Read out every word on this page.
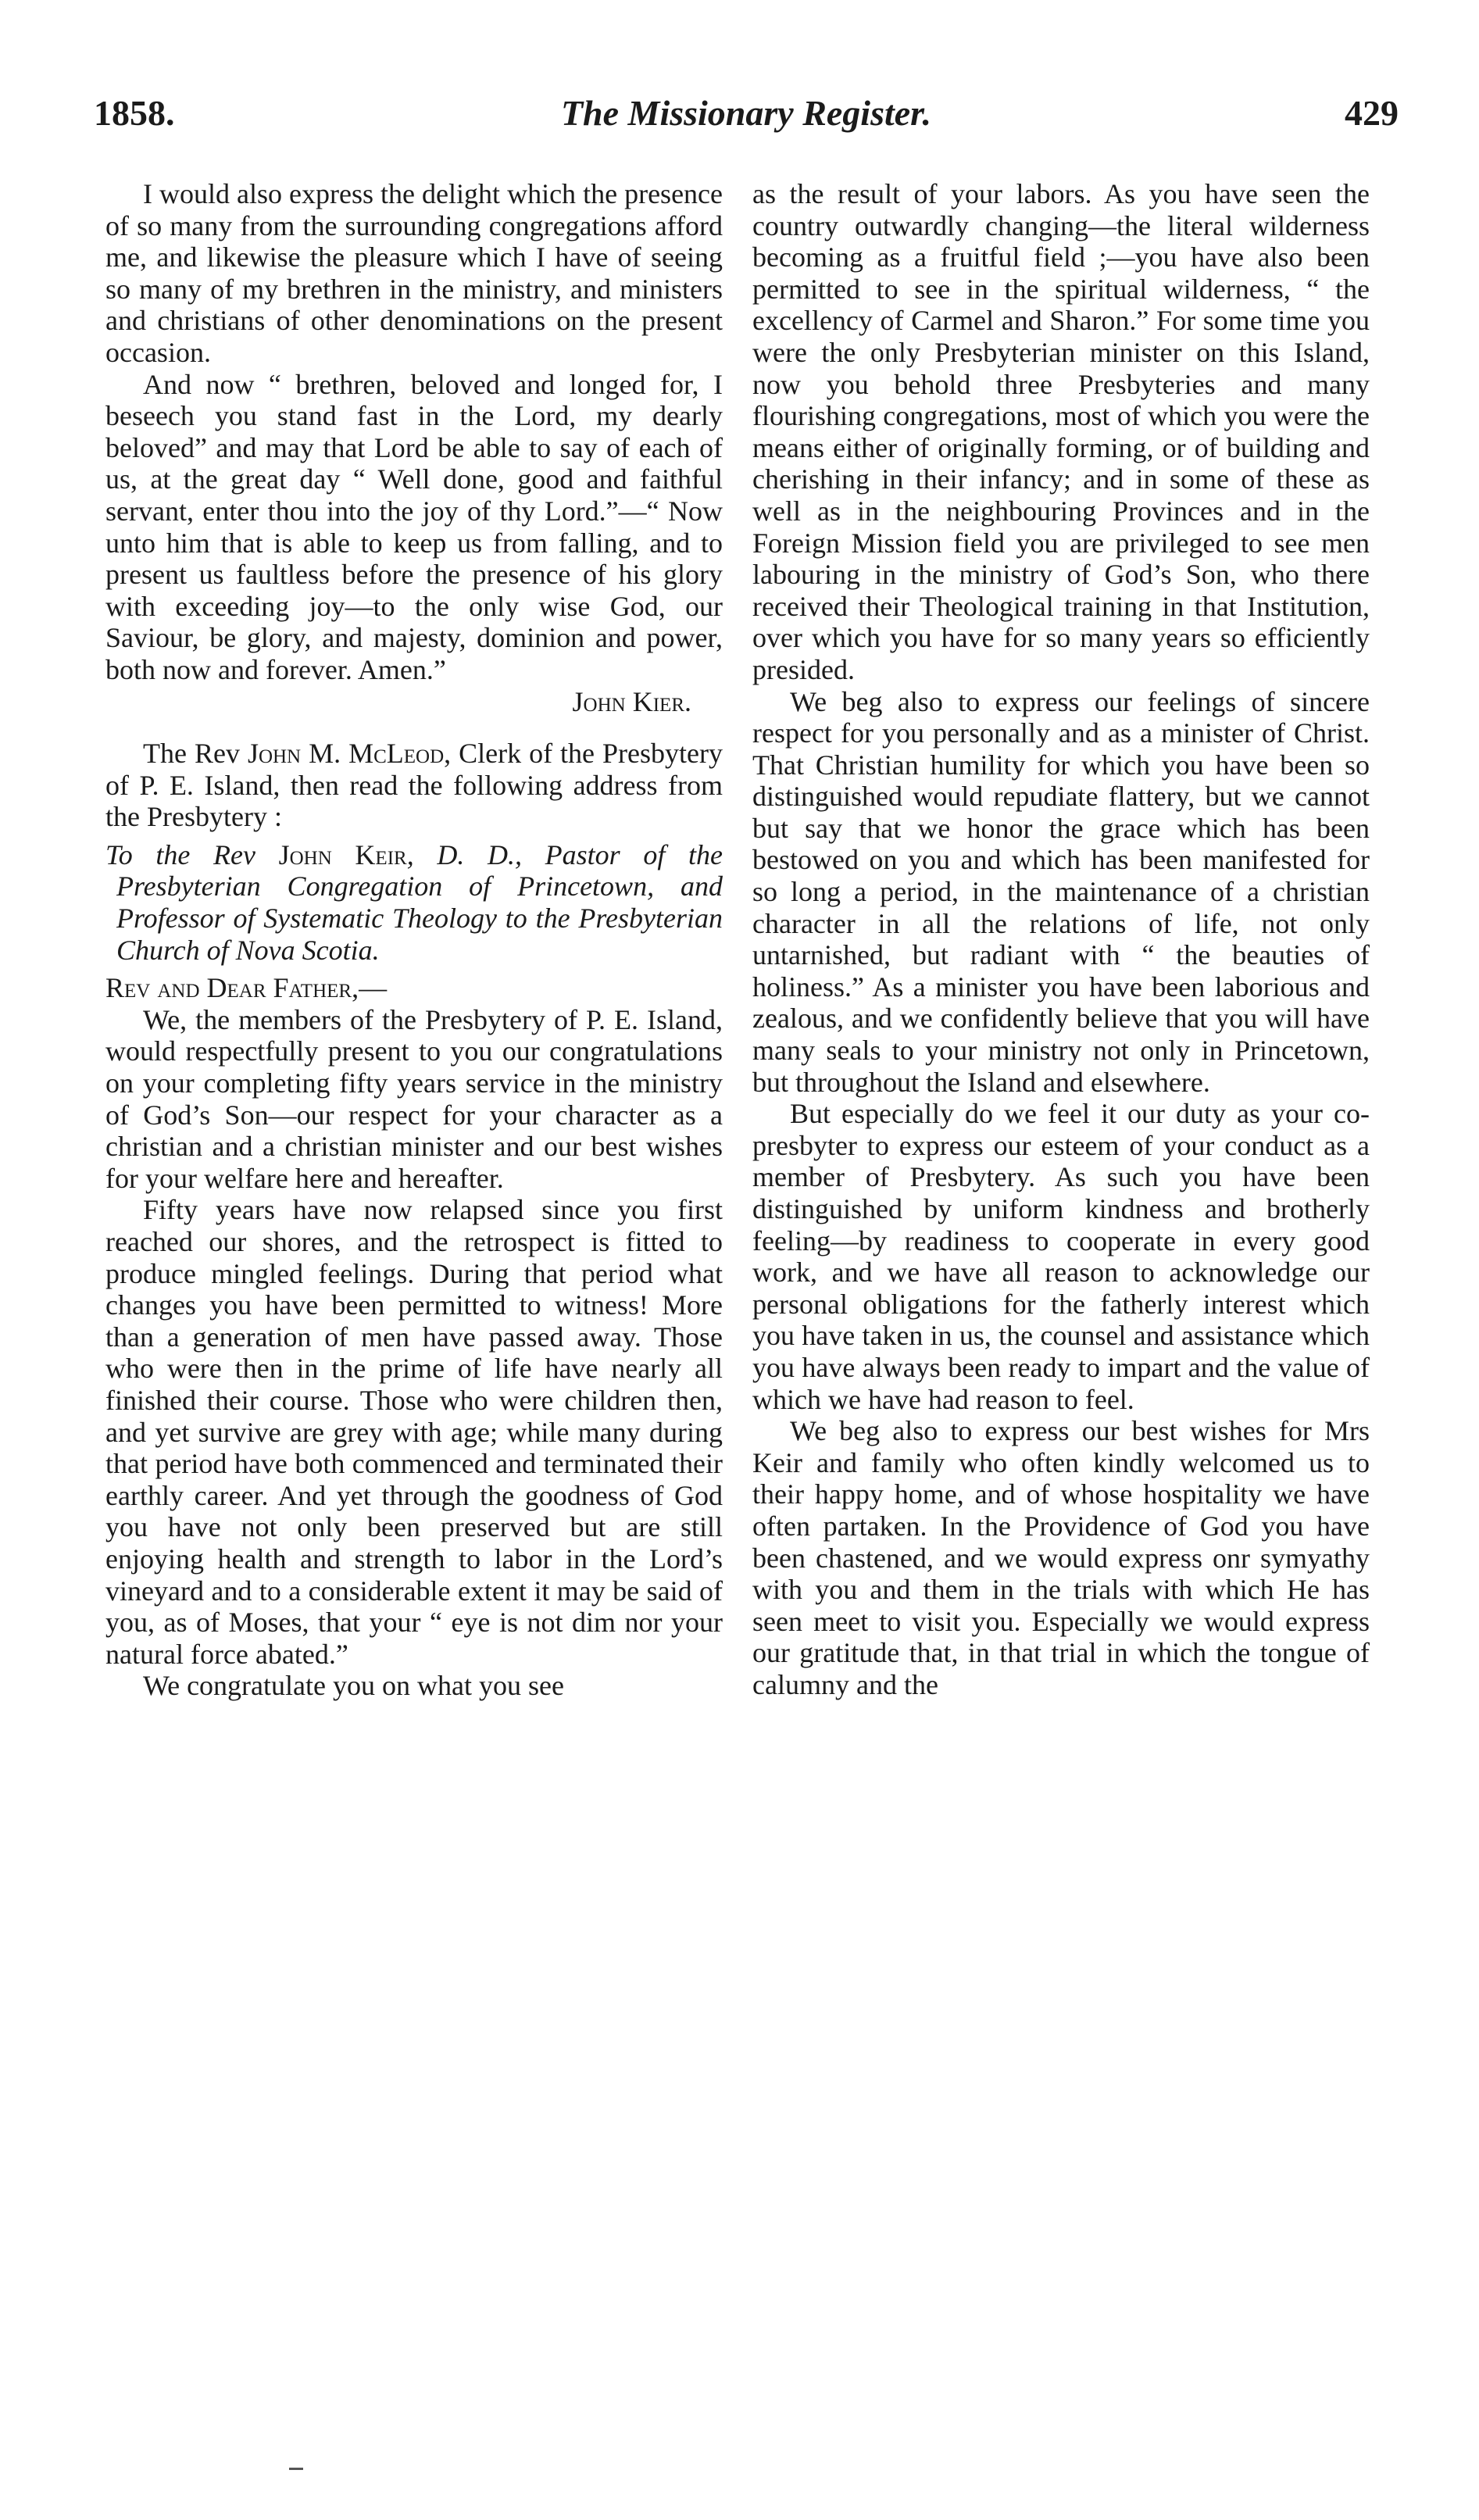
1858.	The Missionary Register.	429

I would also express the delight which the presence of so many from the surrounding congregations afford me, and likewise the pleasure which I have of seeing so many of my brethren in the ministry, and ministers and christians of other denominations on the present occasion.

And now “ brethren, beloved and longed for, I beseech you stand fast in the Lord, my dearly beloved” and may that Lord be able to say of each of us, at the great day “ Well done, good and faithful servant, enter thou into the joy of thy Lord.”—“ Now unto him that is able to keep us from falling, and to present us faultless before the presence of his glory with exceeding joy—to the only wise God, our Saviour, be glory, and majesty, dominion and power, both now and forever. Amen.”

John Kier.

The Rev John M. McLeod, Clerk of the Presbytery of P. E. Island, then read the following address from the Presbytery :

To the Rev John Keir, D. D., Pastor of the Presbyterian Congregation of Princetown, and Professor of Systematic Theology to the Presbyterian Church of Nova Scotia.

Rev and Dear Father,—

We, the members of the Presbytery of P. E. Island, would respectfully present to you our congratulations on your completing fifty years service in the ministry of God’s Son—our respect for your character as a christian and a christian minister and our best wishes for your welfare here and hereafter.

Fifty years have now relapsed since you first reached our shores, and the retrospect is fitted to produce mingled feelings. During that period what changes you have been permitted to witness! More than a generation of men have passed away. Those who were then in the prime of life have nearly all finished their course. Those who were children then, and yet survive are grey with age; while many during that period have both commenced and terminated their earthly career. And yet through the goodness of God you have not only been preserved but are still enjoying health and strength to labor in the Lord’s vineyard and to a considerable extent it may be said of you, as of Moses, that your “ eye is not dim nor your natural force abated.”

We congratulate you on what you see

as the result of your labors. As you have seen the country outwardly changing—the literal wilderness becoming as a fruitful field ;—you have also been permitted to see in the spiritual wilderness, “ the excellency of Carmel and Sharon.” For some time you were the only Presbyterian minister on this Island, now you behold three Presbyteries and many flourishing congregations, most of which you were the means either of originally forming, or of building and cherishing in their infancy; and in some of these as well as in the neighbouring Provinces and in the Foreign Mission field you are privileged to see men labouring in the ministry of God’s Son, who there received their Theological training in that Institution, over which you have for so many years so efficiently presided.

We beg also to express our feelings of sincere respect for you personally and as a minister of Christ. That Christian humility for which you have been so distinguished would repudiate flattery, but we cannot but say that we honor the grace which has been bestowed on you and which has been manifested for so long a period, in the maintenance of a christian character in all the relations of life, not only untarnished, but radiant with “ the beauties of holiness.” As a minister you have been laborious and zealous, and we confidently believe that you will have many seals to your ministry not only in Princetown, but throughout the Island and elsewhere.

But especially do we feel it our duty as your co-presbyter to express our esteem of your conduct as a member of Presbytery. As such you have been distinguished by uniform kindness and brotherly feeling—by readiness to cooperate in every good work, and we have all reason to acknowledge our personal obligations for the fatherly interest which you have taken in us, the counsel and assistance which you have always been ready to impart and the value of which we have had reason to feel.

We beg also to express our best wishes for Mrs Keir and family who often kindly welcomed us to their happy home, and of whose hospitality we have often partaken. In the Providence of God you have been chastened, and we would express onr symyathy with you and them in the trials with which He has seen meet to visit you. Especially we would express our gratitude that, in that trial in which the tongue of calumny and the
